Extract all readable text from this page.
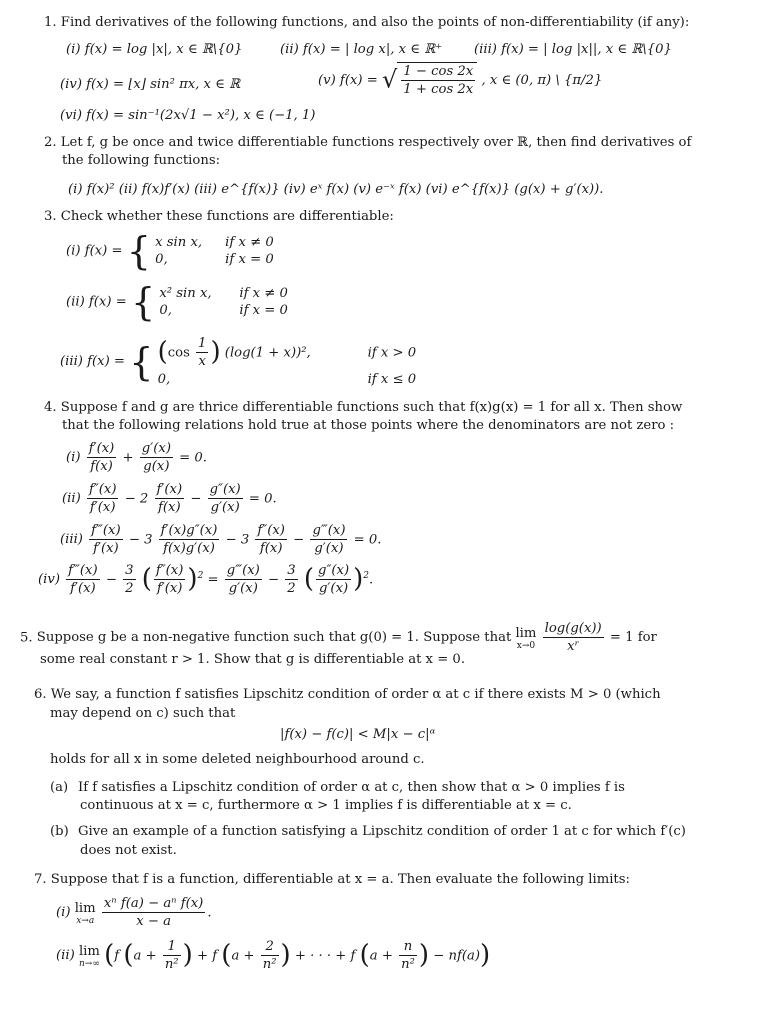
1. Find derivatives of the following functions, and also the points of non-differentiability (if any):
(i) f(x) = log |x|, x ∈ ℝ\{0}	(ii) f(x) = | log x|, x ∈ ℝ⁺ (iii) f(x) = | log |x||, x ∈ ℝ\{0}
(iv) f(x) = ⌊x⌋ sin² πx, x ∈ ℝ	(v) f(x) = √ $\frac{1 - \cos 2x}{1 + \cos 2x}$ , x ∈ (0, π) \ {π/2}
(vi) f(x) = sin⁻¹(2x√1 − x²), x ∈ (−1, 1)
2. Let f, g be once and twice differentiable functions respectively over ℝ, then find derivatives of
the following functions:
(i) f(x)² (ii) f(x)f′(x) (iii) e^{f(x)} (iv) eˣ f(x) (v) e⁻ˣ f(x) (vi) e^{f(x)} (g(x) + g′(x)).
3. Check whether these functions are differentiable:
(i) f(x) = { x sin x, if x ≠ 0
0,	if x = 0
(ii) f(x) = { x² sin x, if x ≠ 0
0,	if x = 0
(iii) f(x) = { ($\cos \frac{1}{x}$ ) (log(1 + x))²,	if x > 0
0,	if x ≤ 0
4. Suppose f and g are thrice differentiable functions such that f(x)g(x) = 1 for all x. Then show
that the following relations hold true at those points where the denominators are not zero :
$(i) \frac{f'(x)}{f(x)} + \frac{g'(x)}{g(x)} = 0$.
$(ii) \frac{f''(x)}{f'(x)} - 2 \frac{f'(x)}{f(x)} - \frac{g''(x)}{g'(x)} = 0$.
$(iii) \frac{f‴(x)}{f'(x)} - 3 \frac{f'(x)g''(x)}{f(x)g'(x)} - 3 \frac{f''(x)}{f(x)} - \frac{g‴(x)}{g'(x)} = 0$.
$(iv) \frac{f‴(x)}{f'(x)} - \frac{3}{2}$ ( $\frac{f''(x)}{f'(x)} )^2 = \frac{g‴(x)}{g'(x)} - \frac{3}{2}$ ( $\frac{g''(x)}{g'(x)} )^2$.
5. Suppose g be a non-negative function such that g(0) = 1. Suppose that lim
x→0
$\frac{\log(g(x))}{\text{xʳ}} = 1$ for
some real constant r > 1. Show that g is differentiable at x = 0.
6. We say, a function f satisfies Lipschitz condition of order α at c if there exists M > 0 (which
may depend on c) such that
|f(x) − f(c)| < M|x − c|ᵅ
holds for all x in some deleted neighbourhood around c.
(a) If f satisfies a Lipschitz condition of order α at c, then show that α > 0 implies f is
continuous at x = c, furthermore α > 1 implies f is differentiable at x = c.
(b) Give an example of a function satisfying a Lipschitz condition of order 1 at c for which f′(c)
does not exist.
7. Suppose that f is a function, differentiable at x = a. Then evaluate the following limits:
(i) lim
x→a
$\frac{\text{xⁿ f(a) − aⁿ f(x)}}{x - a}$ .
(ii) lim
n→∞ (f ($a + \frac{1}{\text{n²}}$ ) + f ($a + \frac{2}{\text{n²}}$ ) + · · · + f ($a + \frac{n}{\text{n²}}$ ) − nf(a))
